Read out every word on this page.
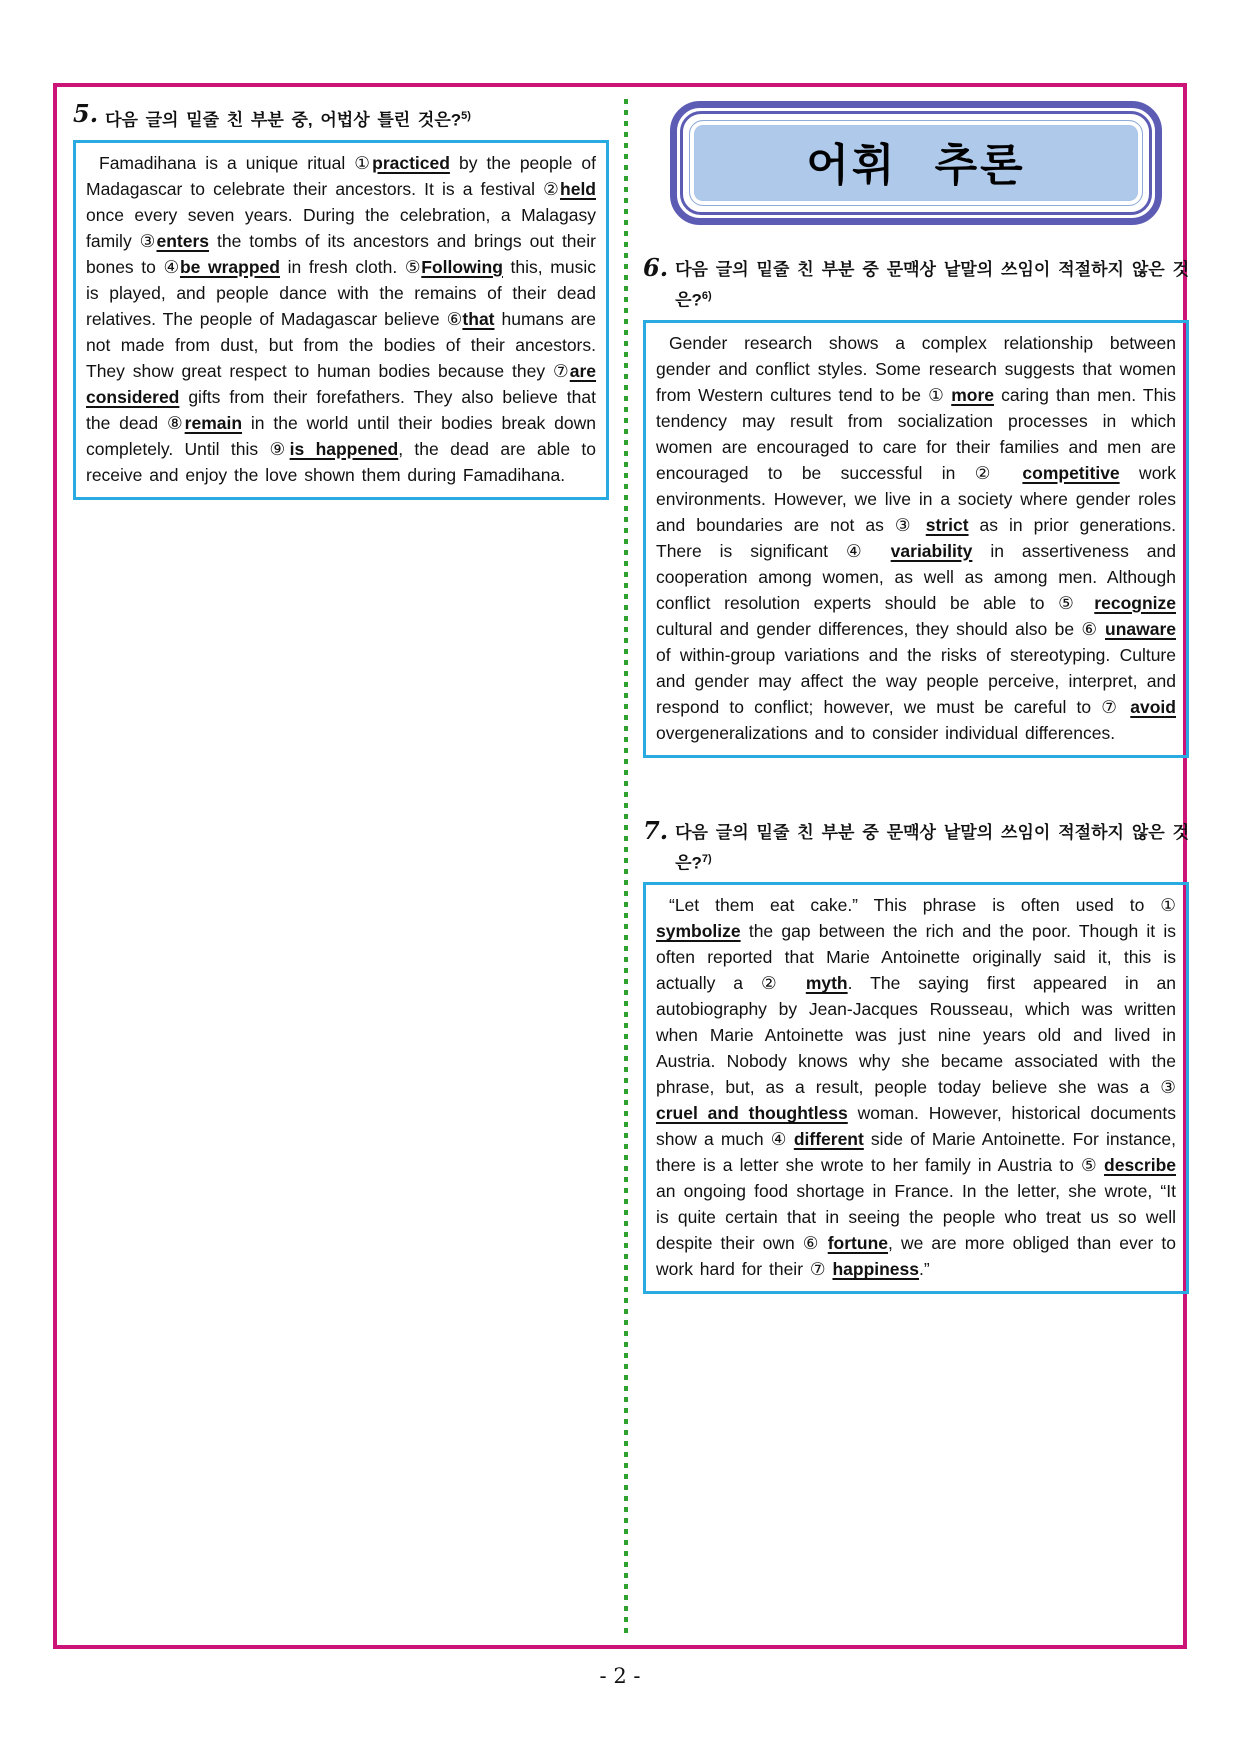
5. 다음 글의 밑줄 친 부분 중, 어법상 틀린 것은?$^{5)}$

Famadihana is a unique ritual ①practiced by the people of Madagascar to celebrate their ancestors. It is a festival ②held once every seven years. During the celebration, a Malagasy family ③enters the tombs of its ancestors and brings out their bones to ④be wrapped in fresh cloth. ⑤Following this, music is played, and people dance with the remains of their dead relatives. The people of Madagascar believe ⑥that humans are not made from dust, but from the bodies of their ancestors. They show great respect to human bodies because they ⑦are considered gifts from their forefathers. They also believe that the dead ⑧remain in the world until their bodies break down completely. Until this ⑨is happened, the dead are able to receive and enjoy the love shown them during Famadihana.

어휘 추론
6. 다음 글의 밑줄 친 부분 중 문맥상 낱말의 쓰임이 적절하지 않은 것은?$^{6)}$

Gender research shows a complex relationship between gender and conflict styles. Some research suggests that women from Western cultures tend to be ① more caring than men. This tendency may result from socialization processes in which women are encouraged to care for their families and men are encouraged to be successful in ② competitive work environments. However, we live in a society where gender roles and boundaries are not as ③ strict as in prior generations. There is significant ④ variability in assertiveness and cooperation among women, as well as among men. Although conflict resolution experts should be able to ⑤ recognize cultural and gender differences, they should also be ⑥ unaware of within-group variations and the risks of stereotyping. Culture and gender may affect the way people perceive, interpret, and respond to conflict; however, we must be careful to ⑦ avoid overgeneralizations and to consider individual differences.

7. 다음 글의 밑줄 친 부분 중 문맥상 낱말의 쓰임이 적절하지 않은 것은?$^{7)}$

“Let them eat cake.” This phrase is often used to ① symbolize the gap between the rich and the poor. Though it is often reported that Marie Antoinette originally said it, this is actually a ② myth. The saying first appeared in an autobiography by Jean-Jacques Rousseau, which was written when Marie Antoinette was just nine years old and lived in Austria. Nobody knows why she became associated with the phrase, but, as a result, people today believe she was a ③ cruel and thoughtless woman. However, historical documents show a much ④ different side of Marie Antoinette. For instance, there is a letter she wrote to her family in Austria to ⑤ describe an ongoing food shortage in France. In the letter, she wrote, “It is quite certain that in seeing the people who treat us so well despite their own ⑥ fortune, we are more obliged than ever to work hard for their ⑦ happiness.”

- 2 -
